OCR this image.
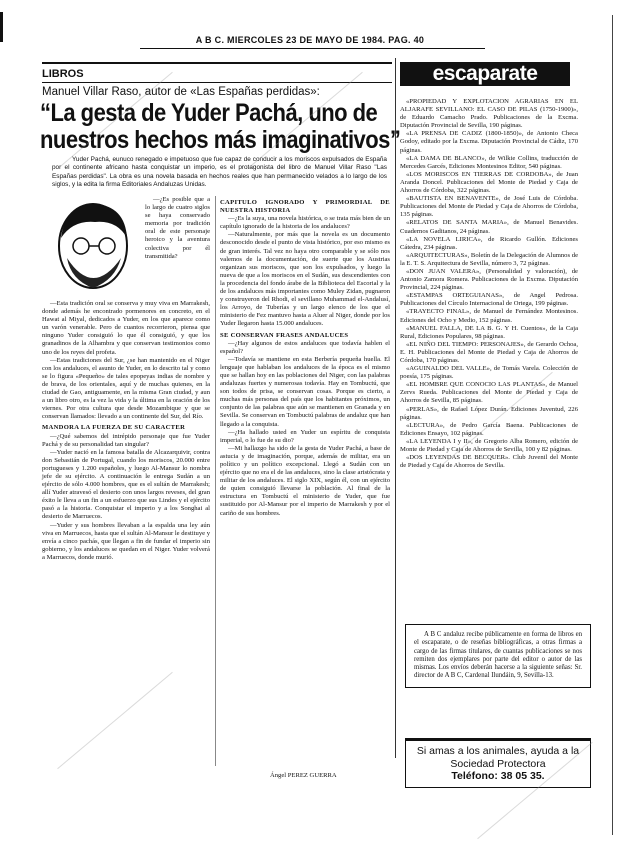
A B C. MIERCOLES 23 DE MAYO DE 1984. PAG. 40
LIBROS
Manuel Villar Raso, autor de «Las Españas perdidas»:
“La gesta de Yuder Pachá, uno de nuestros hechos más imaginativos”
Yuder Pachá, eunuco renegado e impetuoso que fue capaz de conducir a los moriscos expulsados de España por el continente africano hasta conquistar un imperio, es el protagonista del libro de Manuel Villar Raso "Las Españas perdidas". La obra es una novela basada en hechos reales que han permanecido velados a lo largo de los siglos, y la edita la firma Editoriales Andaluzas Unidas.

—¿Es posible que a lo largo de cuatro siglos se haya conservado memoria por tradición oral de este personaje heroico y la aventura colectiva por él transmitida?

—Esta tradición oral se conserva y muy viva en Marrakesh, donde además he encontrado pormenores en concreto, en el Hawat al Miyal, dedicados a Yuder, en los que aparece como un varón venerable. Pero de cuantos recorrieron, piensa que ninguno Yuder consiguió lo que él consiguió, y que los granadinos de la Alhambra y que conservan testimonios como uno de los reyes del profeta.

—Estas tradiciones del Sur, ¿se han mantenido en el Niger con los andaluces, el asunto de Yuder, en lo descrito tal y como se lo figura «Pequeño» de tales epopeyas indias de nombre y de brava, de los orientales, aquí y de muchas quienes, en la ciudad de Gao, antiguamente, en la misma Gran ciudad, y aun a un libro otro, es la vez la vida y la última en la oración de los viernes. Por otra cultura que desde Mozambique y que se conservan llamados: llevado a un continente del Sur, del Río.

MANDORA LA FUERZA DE SU CARACTER

—¿Qué sabemos del intrépido personaje que fue Yuder Pachá y de su personalidad tan singular?

—Yuder nació en la famosa batalla de Alcazarquivir, contra don Sebastián de Portugal, cuando los moriscos, 20.000 entre portugueses y 1.200 españoles, y luego Al-Mansur lo nombra jefe de su ejército. A continuación le entrega Sudán a un ejército de sólo 4.000 hombres, que es el sultán de Marrakesh; allí Yuder atravesó el desierto con unos largos reveses, del gran éxito le lleva a un fin a un esfuerzo que sus Lindes y el ejército pasó a la historia. Conquistar el imperio y a los Songhai al desierto de Marruecos.

—Yuder y sus hombres llevaban a la espalda una ley aún viva en Marruecos, hasta que el sultán Al-Mansur le destituye y envía a cinco pachás, que llegan a fin de fundar el imperio sin gobierno, y los andaluces se quedan en el Niger. Yuder volverá a Marruecos, donde murió.

CAPITULO IGNORADO Y PRIMORDIAL DE NUESTRA HISTORIA

—¿Es la suya, una novela histórica, o se trata más bien de un capítulo ignorado de la historia de los andaluces?

—Naturalmente, por más que la novela es un documento desconocido desde el punto de vista histórico, por eso mismo es de gran interés. Tal vez no haya otro comparable y se sólo nos valemos de la documentación, de suerte que los Austrias organizan sus moriscos, que son los expulsados, y luego la nueva de que a los moriscos en el Sudán, sus descendientes con la procedencia del fondo árabe de la Biblioteca del Escorial y la de los andaluces más importantes como Muley Zidan, pugnaron y construyeron del Rhodi, el sevillano Muhammad el-Andalusí, los Arroyo, de Tuberías y un largo elenco de los que el ministerio de Fez mantuvo hasta a Aluer al Niger, donde por los Yuder llegaron hasta 15.000 andaluces.

SE CONSERVAN FRASES ANDALUCES

—¿Hay algunos de estos andaluces que todavía hablen el español?

—Todavía se mantiene en esta Berbería pequeña huella. El lenguaje que hablaban los andaluces de la época es el mismo que se hallan hoy en las poblaciones del Niger, con las palabras andaluzas fuertes y numerosas todavía. Hay en Tombuctú, que son todos de prisa, se conservan cosas. Porque es cierto, a muchas más personas del país que los habitantes próximos, un conjunto de las palabras que aún se mantienen en Granada y en Sevilla. Se conservan en Tombuctú palabras de andaluz que han llegado a la conquista.

—¿Ha hallado usted en Yuder un espíritu de conquista imperial, o lo fue de su dio?

—Mi hallazgo ha sido de la gesta de Yuder Pachá, a base de astucia y de imaginación, porque, además de militar, era un político y un político excepcional. Llegó a Sudán con un ejército que no era el de las andaluces, sino la clase aristócrata y militar de los andaluces. El siglo XIX, según él, con un ejército de quien consiguió llevarse la población. Al final de la estructura en Tombuctú el ministerio de Yuder, que fue sustituido por Al-Mansur por el imperio de Marrakesh y por el cariño de sus hombres.

Ángel PEREZ GUERRA
escaparate

«PROPIEDAD Y EXPLOTACION AGRARIAS EN EL ALJARAFE SEVILLANO: EL CASO DE PILAS (1750-1900)», de Eduardo Camacho Prado. Publicaciones de la Excma. Diputación Provincial de Sevilla, 190 páginas.

«LA PRENSA DE CADIZ (1800-1850)», de Antonio Checa Godoy, editado por la Excma. Diputación Provincial de Cádiz, 170 páginas.

«LA DAMA DE BLANCO», de Wilkie Collins, traducción de Mercedes Garcés, Ediciones Montesinos Editor, 540 páginas.

«LOS MORISCOS EN TIERRAS DE CORDOBA», de Juan Aranda Doncel. Publicaciones del Monte de Piedad y Caja de Ahorros de Córdoba, 322 páginas.

«BAUTISTA EN BENAVENTE», de José Luis de Córdoba. Publicaciones del Monte de Piedad y Caja de Ahorros de Córdoba, 135 páginas.

«RELATOS DE SANTA MARIA», de Manuel Benavides. Cuadernos Gaditanos, 24 páginas.

«LA NOVELA LIRICA», de Ricardo Gullón. Ediciones Cátedra, 234 páginas.

«ARQUITECTURAS», Boletín de la Delegación de Alumnos de la E. T. S. Arquitectura de Sevilla, número 3, 72 páginas.

«DON JUAN VALERA», (Personalidad y valoración), de Antonio Zamora Romera. Publicaciones de la Excma. Diputación Provincial, 224 páginas.

«ESTAMPAS ORTEGUIANAS», de Angel Pedrosa. Publicaciones del Círculo Internacional de Ortega, 199 páginas.

«TRAYECTO FINAL», de Manuel de Fernández Montesinos. Ediciones del Ocho y Medio, 152 páginas.

«MANUEL FALLA, DE LA B. G. Y H. Cuentos», de la Caja Rural, Ediciones Populares, 98 páginas.

«EL NIÑO DEL TIEMPO: PERSONAJES», de Gerardo Ochoa, E. H. Publicaciones del Monte de Piedad y Caja de Ahorros de Córdoba, 170 páginas.

«AGUINALDO DEL VALLE», de Tomás Varela. Colección de poesía, 175 páginas.

«EL HOMBRE QUE CONOCIO LAS PLANTAS», de Manuel Zervs Rueda. Publicaciones del Monte de Piedad y Caja de Ahorros de Sevilla, 85 páginas.

«PERLAS», de Rafael López Durán. Ediciones Juventud, 226 páginas.

«LECTURA», de Pedro García Baena. Publicaciones de Ediciones Ensayo, 102 páginas.

«LA LEYENDA I y II», de Gregorio Alba Romero, edición de Monte de Piedad y Caja de Ahorros de Sevilla, 100 y 82 páginas.

«DOS LEYENDAS DE BECQUER». Club Juvenil del Monte de Piedad y Caja de Ahorros de Sevilla.

A B C andaluz recibe públicamente en forma de libros en el escaparate, o de reseñas bibliográficas, a otras firmas a cargo de las firmas titulares, de cuantas publicaciones se nos remiten dos ejemplares por parte del editor o autor de las mismas. Los envíos deberán hacerse a la siguiente señas: Sr. director de A B C, Cardenal Ilundáin, 9, Sevilla-13.
Si amas a los animales, ayuda a la Sociedad Protectora
Teléfono: 38 05 35.
